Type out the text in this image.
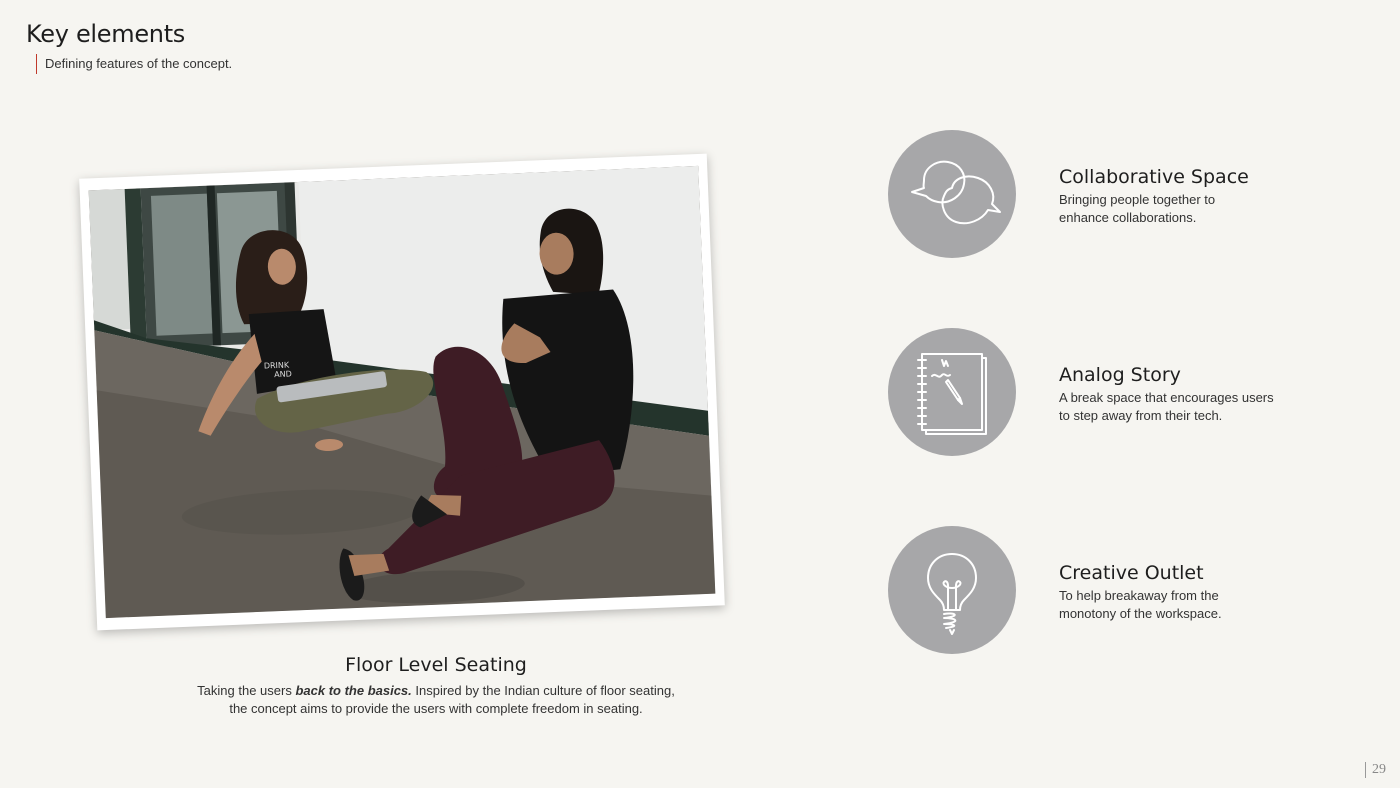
Key elements
Defining features of the concept.
DRINK
AND
Floor Level Seating
Taking the users back to the basics. Inspired by the Indian culture of floor seating,
the concept aims to provide the users with complete freedom in seating.
Collaborative Space
Bringing people together to
enhance collaborations.
Analog Story
A break space that encourages users
to step away from their tech.
Creative Outlet
To help breakaway from the
monotony of the workspace.
29
